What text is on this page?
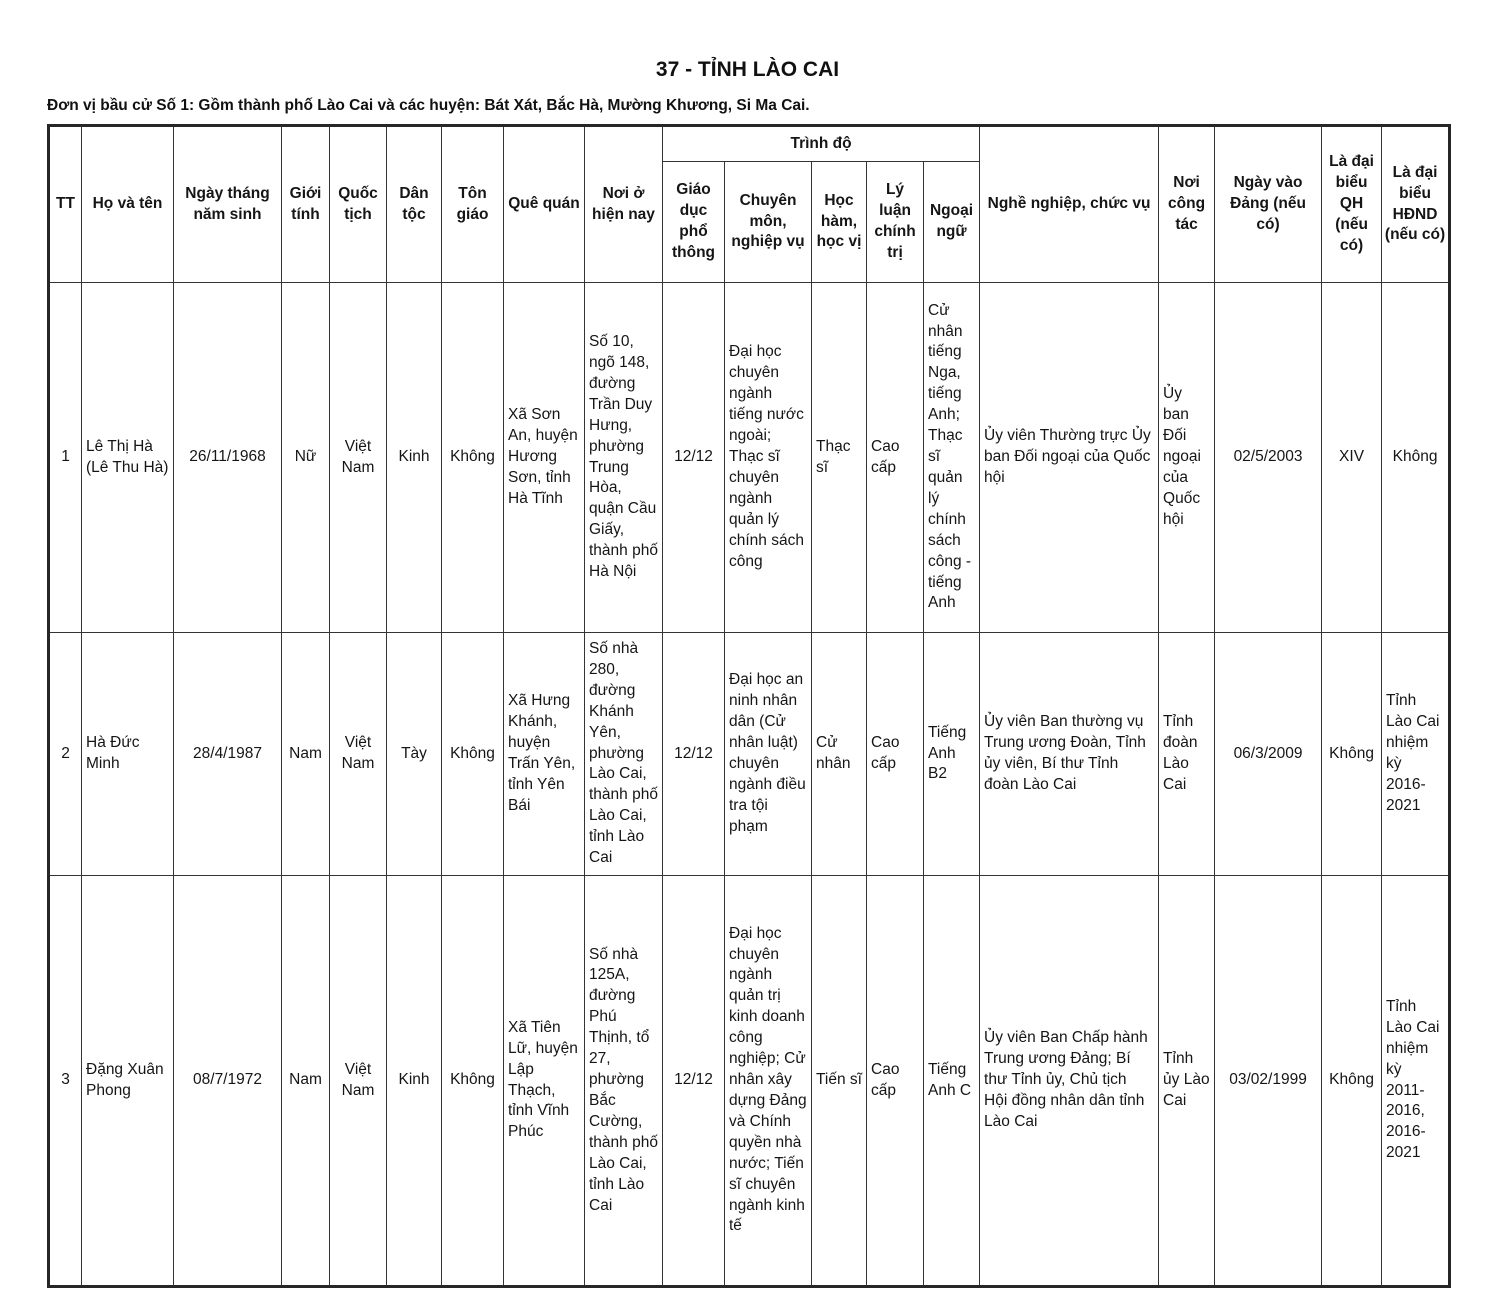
37 - TỈNH LÀO CAI
Đơn vị bầu cử Số 1: Gồm thành phố Lào Cai và các huyện: Bát Xát, Bắc Hà, Mường Khương, Si Ma Cai.
TT	Họ và tên	Ngày tháng năm sinh	Giới tính	Quốc tịch	Dân tộc	Tôn giáo	Quê quán	Nơi ở hiện nay	Trình độ					Nghề nghiệp, chức vụ	Nơi công tác	Ngày vào Đảng (nếu có)	Là đại biểu QH (nếu có)	Là đại biểu HĐND (nếu có)
									Giáo dục phổ thông	Chuyên môn, nghiệp vụ	Học hàm, học vị	Lý luận chính trị	Ngoại ngữ					
1	Lê Thị Hà (Lê Thu Hà)	26/11/1968	Nữ	Việt Nam	Kinh	Không	Xã Sơn An, huyện Hương Sơn, tỉnh Hà Tĩnh	Số 10, ngõ 148, đường Trần Duy Hưng, phường Trung Hòa, quận Cầu Giấy, thành phố Hà Nội	12/12	Đại học chuyên ngành tiếng nước ngoài; Thạc sĩ chuyên ngành quản lý chính sách công	Thạc sĩ	Cao cấp	Cử nhân tiếng Nga, tiếng Anh; Thạc sĩ quản lý chính sách công - tiếng Anh	Ủy viên Thường trực Ủy ban Đối ngoại của Quốc hội	Ủy ban Đối ngoại của Quốc hội	02/5/2003	XIV	Không
2	Hà Đức Minh	28/4/1987	Nam	Việt Nam	Tày	Không	Xã Hưng Khánh, huyện Trấn Yên, tỉnh Yên Bái	Số nhà 280, đường Khánh Yên, phường Lào Cai, thành phố Lào Cai, tỉnh Lào Cai	12/12	Đại học an ninh nhân dân (Cử nhân luật) chuyên ngành điều tra tội phạm	Cử nhân	Cao cấp	Tiếng Anh B2	Ủy viên Ban thường vụ Trung ương Đoàn, Tỉnh ủy viên, Bí thư Tỉnh đoàn Lào Cai	Tỉnh đoàn Lào Cai	06/3/2009	Không	Tỉnh Lào Cai nhiệm kỳ 2016-2021
3	Đặng Xuân Phong	08/7/1972	Nam	Việt Nam	Kinh	Không	Xã Tiên Lữ, huyện Lập Thạch, tỉnh Vĩnh Phúc	Số nhà 125A, đường Phú Thịnh, tổ 27, phường Bắc Cường, thành phố Lào Cai, tỉnh Lào Cai	12/12	Đại học chuyên ngành quản trị kinh doanh công nghiệp; Cử nhân xây dựng Đảng và Chính quyền nhà nước; Tiến sĩ chuyên ngành kinh tế	Tiến sĩ	Cao cấp	Tiếng Anh C	Ủy viên Ban Chấp hành Trung ương Đảng; Bí thư Tỉnh ủy, Chủ tịch Hội đồng nhân dân tỉnh Lào Cai	Tỉnh ủy Lào Cai	03/02/1999	Không	Tỉnh Lào Cai nhiệm kỳ 2011-2016, 2016-2021
